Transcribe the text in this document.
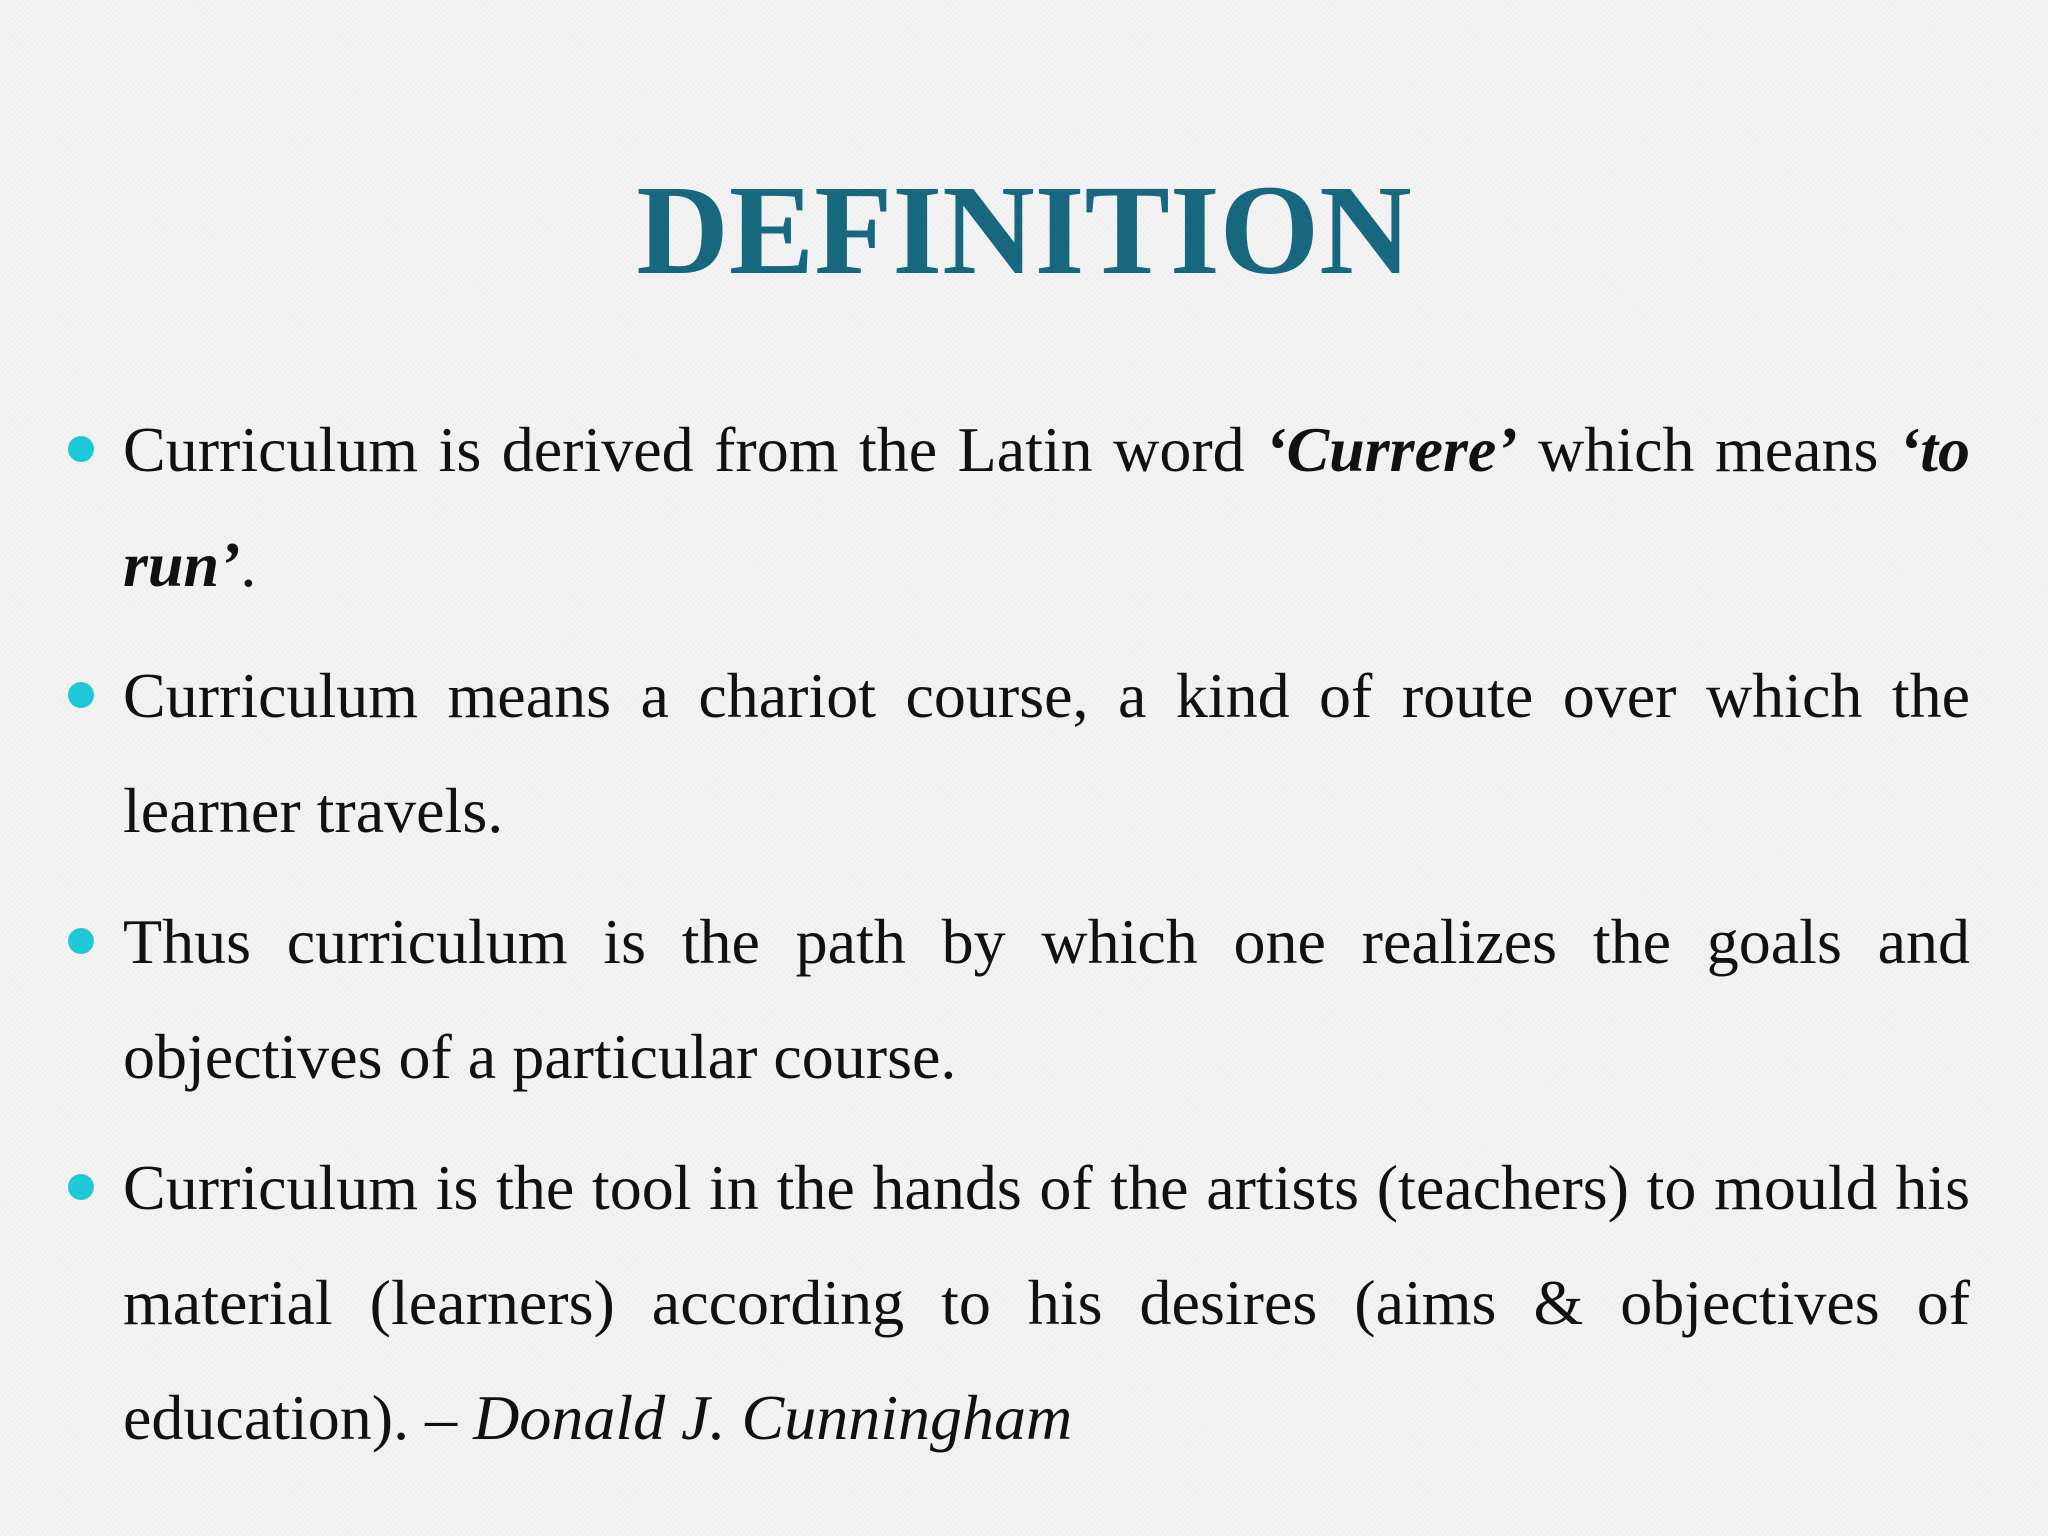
DEFINITION
Curriculum is derived from the Latin word ‘Currere’ which means ‘to run’.
Curriculum means a chariot course, a kind of route over which the learner travels.
Thus curriculum is the path by which one realizes the goals and objectives of a particular course.
Curriculum is the tool in the hands of the artists (teachers) to mould his material (learners) according to his desires (aims & objectives of education). – Donald J. Cunningham
